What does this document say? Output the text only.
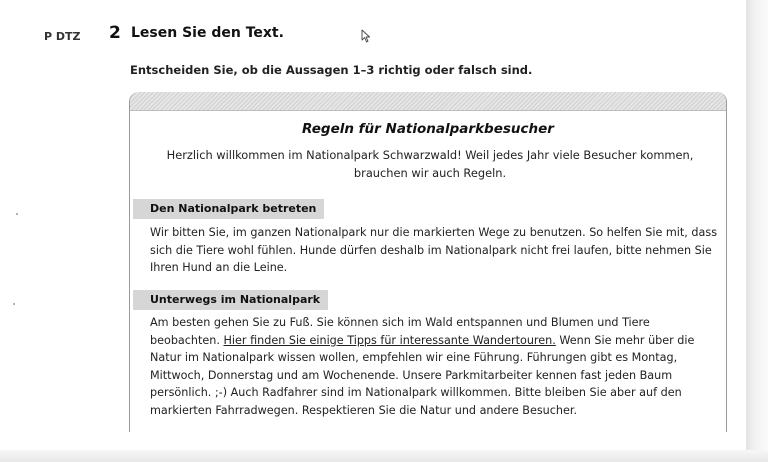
P DTZ 2 Lesen Sie den Text.
Entscheiden Sie, ob die Aussagen 1–3 richtig oder falsch sind.
Regeln für Nationalparkbesucher
Herzlich willkommen im Nationalpark Schwarzwald! Weil jedes Jahr viele Besucher kommen, brauchen wir auch Regeln.
Den Nationalpark betreten
Wir bitten Sie, im ganzen Nationalpark nur die markierten Wege zu benutzen. So helfen Sie mit, dass sich die Tiere wohl fühlen. Hunde dürfen deshalb im Nationalpark nicht frei laufen, bitte nehmen Sie Ihren Hund an die Leine.
Unterwegs im Nationalpark
Am besten gehen Sie zu Fuß. Sie können sich im Wald entspannen und Blumen und Tiere beobachten. Hier finden Sie einige Tipps für interessante Wandertouren. Wenn Sie mehr über die Natur im Nationalpark wissen wollen, empfehlen wir eine Führung. Führungen gibt es Montag, Mittwoch, Donnerstag und am Wochenende. Unsere Parkmitarbeiter kennen fast jeden Baum persönlich. ;-) Auch Radfahrer sind im Nationalpark willkommen. Bitte bleiben Sie aber auf den markierten Fahrradwegen. Respektieren Sie die Natur und andere Besucher.
